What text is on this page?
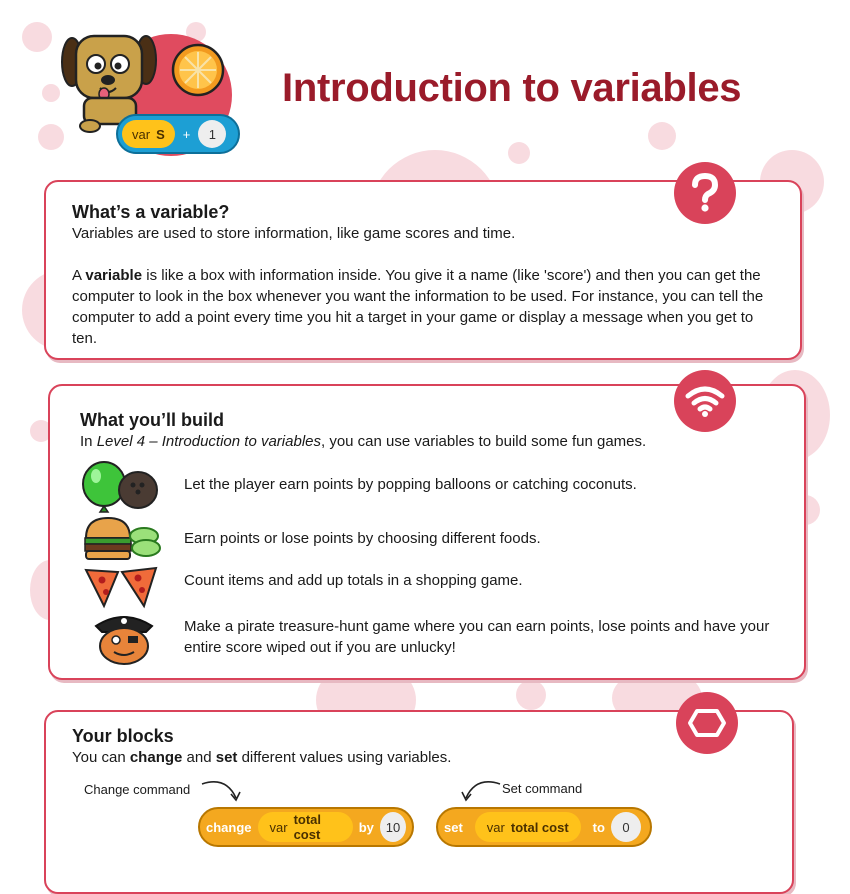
var S +	1
Introduction to variables
What’s a variable?

Variables are used to store information, like game scores and time.

A variable is like a box with information inside. You give it a name (like 'score') and then you can get the computer to look in the box whenever you want the information to be used. For instance, you can tell the computer to add a point every time you hit a target in your game or display a message when you get to ten.

What you’ll build

In Level 4 – Introduction to variables, you can use variables to build some fun games.

Let the player earn points by popping balloons or catching coconuts.

Earn points or lose points by choosing different foods.

Count items and add up totals in a shopping game.

Make a pirate treasure-hunt game where you can earn points, lose points and have your entire score wiped out if you are unlucky!

Your blocks

You can change and set different values using variables.

Change command	Set command
change var total cost	by 10	set var total cost to	0
